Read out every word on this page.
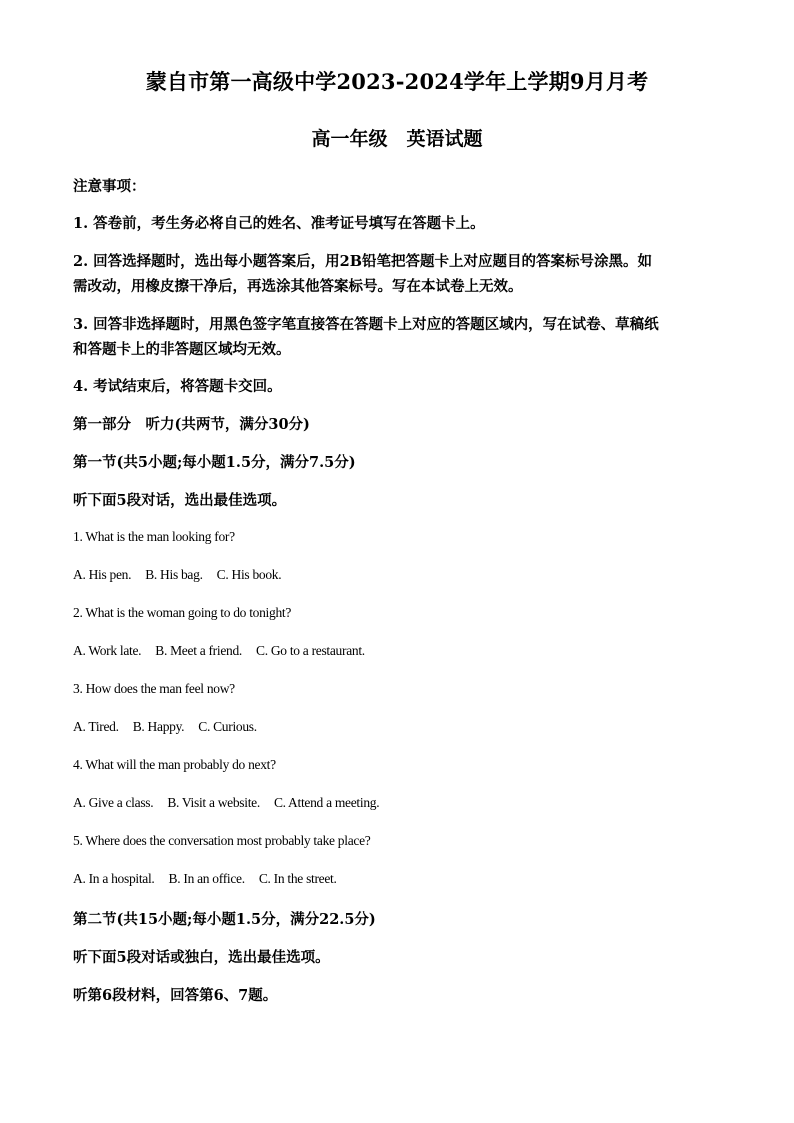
蒙自市第一高级中学2023-2024学年上学期9月月考
高一年级　英语试题
注意事项：
1. 答卷前，考生务必将自己的姓名、准考证号填写在答题卡上。
2. 回答选择题时，选出每小题答案后，用2B铅笔把答题卡上对应题目的答案标号涂黑。如
需改动，用橡皮擦干净后，再选涂其他答案标号。写在本试卷上无效。
3. 回答非选择题时，用黑色签字笔直接答在答题卡上对应的答题区域内，写在试卷、草稿纸
和答题卡上的非答题区域均无效。
4. 考试结束后，将答题卡交回。
第一部分　听力(共两节，满分30分)
第一节(共5小题;每小题1.5分，满分7.5分)
听下面5段对话，选出最佳选项。
1. What is the man looking for?
A. His pen. B. His bag. C. His book.
2. What is the woman going to do tonight?
A. Work late. B. Meet a friend. C. Go to a restaurant.
3. How does the man feel now?
A. Tired. B. Happy. C. Curious.
4. What will the man probably do next?
A. Give a class. B. Visit a website. C. Attend a meeting.
5. Where does the conversation most probably take place?
A. In a hospital. B. In an office. C. In the street.
第二节(共15小题;每小题1.5分，满分22.5分)
听下面5段对话或独白，选出最佳选项。
听第6段材料，回答第6、7题。
